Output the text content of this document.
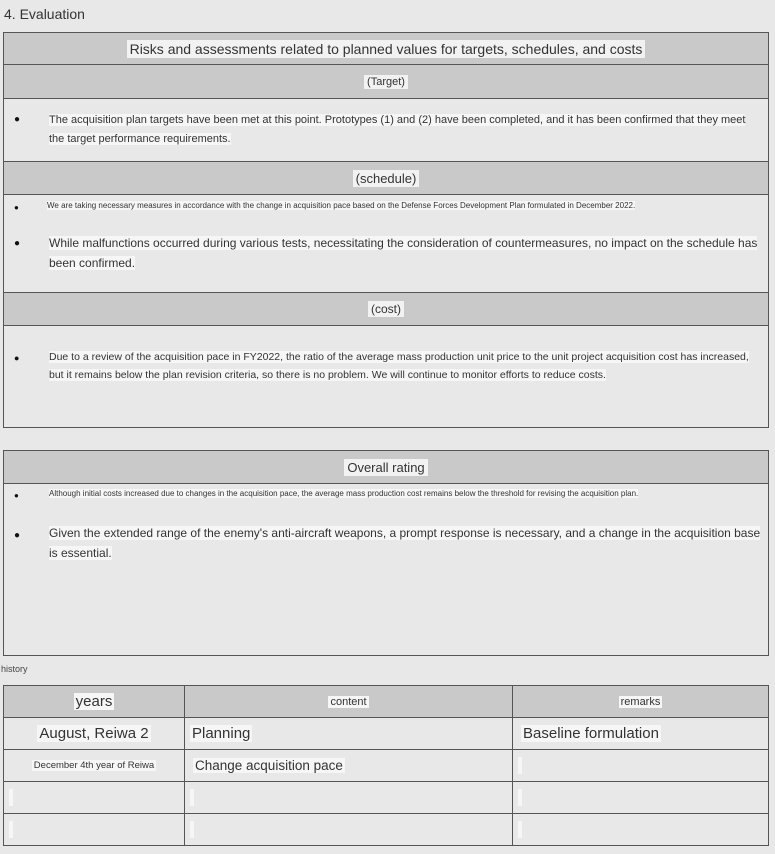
4. Evaluation
Risks and assessments related to planned values for targets, schedules, and costs
(Target)
●	The acquisition plan targets have been met at this point. Prototypes (1) and (2) have been completed, and it has been confirmed that they meet the target performance requirements.
(schedule)
●	We are taking necessary measures in accordance with the change in acquisition pace based on the Defense Forces Development Plan formulated in December 2022.
● While malfunctions occurred during various tests, necessitating the consideration of countermeasures, no impact on the schedule has been confirmed.
(cost)
●	Due to a review of the acquisition pace in FY2022, the ratio of the average mass production unit price to the unit project acquisition cost has increased, but it remains below the plan revision criteria, so there is no problem. We will continue to monitor efforts to reduce costs.
Overall rating
●	Although initial costs increased due to changes in the acquisition pace, the average mass production cost remains below the threshold for revising the acquisition plan.
● Given the extended range of the enemy's anti-aircraft weapons, a prompt response is necessary, and a change in the acquisition base is essential.
history
years	content	remarks
August, Reiwa 2	Planning	Baseline formulation
December 4th year of Reiwa	Change acquisition pace	
